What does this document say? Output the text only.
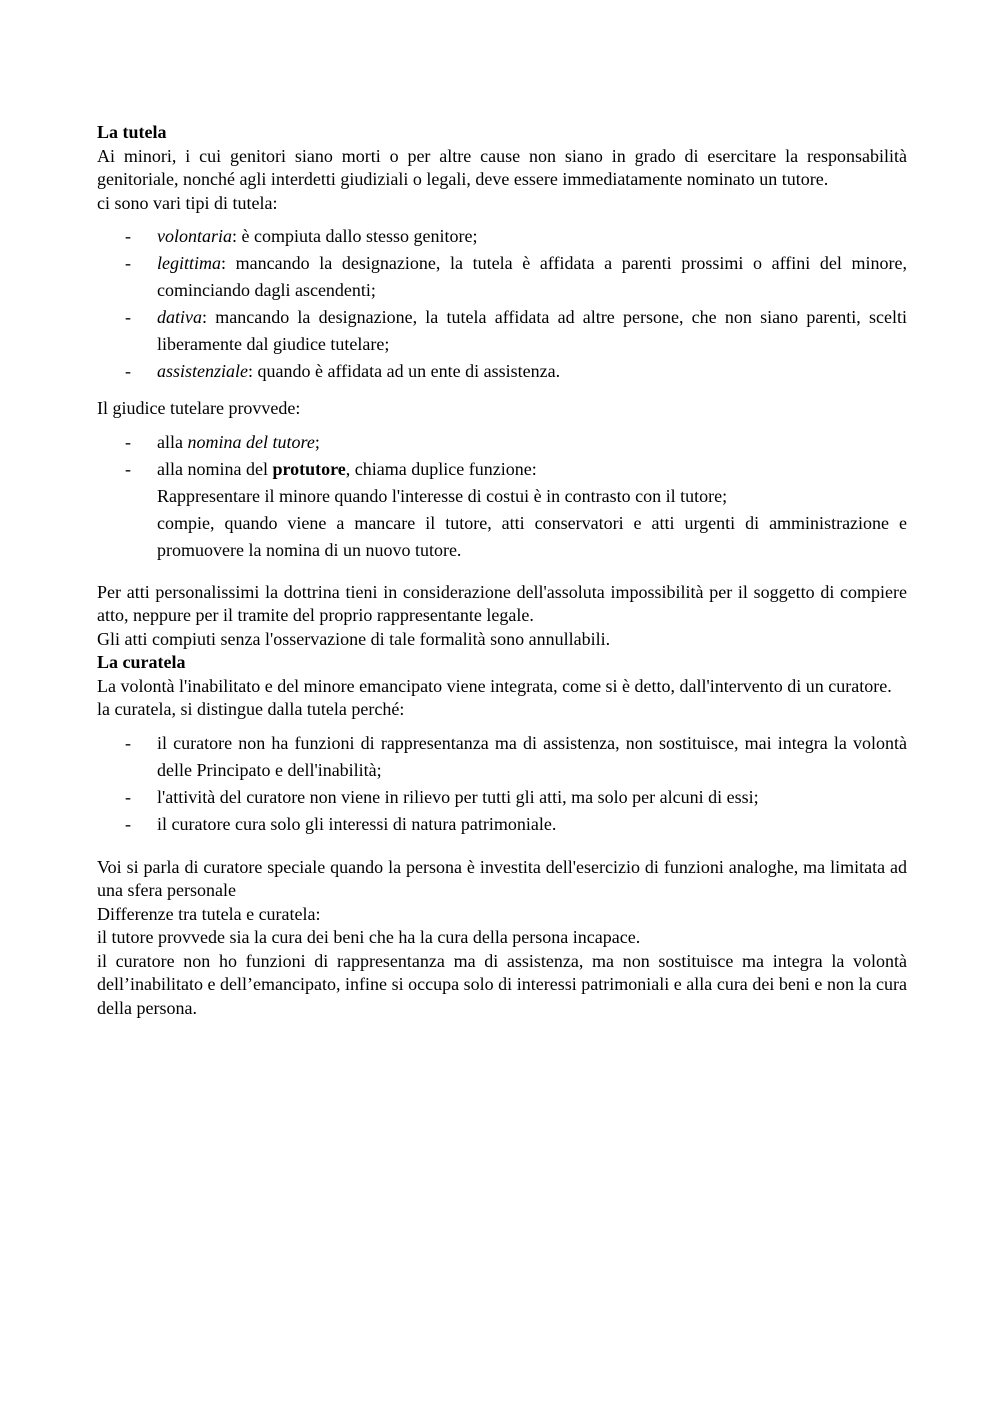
La tutela

Ai minori, i cui genitori siano morti o per altre cause non siano in grado di esercitare la responsabilità genitoriale, nonché agli interdetti giudiziali o legali, deve essere immediatamente nominato un tutore.

ci sono vari tipi di tutela:

- volontaria: è compiuta dallo stesso genitore;
- legittima: mancando la designazione, la tutela è affidata a parenti prossimi o affini del minore, cominciando dagli ascendenti;
- dativa: mancando la designazione, la tutela affidata ad altre persone, che non siano parenti, scelti liberamente dal giudice tutelare;
- assistenziale: quando è affidata ad un ente di assistenza.

Il giudice tutelare provvede:

- alla nomina del tutore;
- alla nomina del protutore, chiama duplice funzione:
Rappresentare il minore quando l'interesse di costui è in contrasto con il tutore;
compie, quando viene a mancare il tutore, atti conservatori e atti urgenti di amministrazione e promuovere la nomina di un nuovo tutore.

Per atti personalissimi la dottrina tieni in considerazione dell'assoluta impossibilità per il soggetto di compiere atto, neppure per il tramite del proprio rappresentante legale.

Gli atti compiuti senza l'osservazione di tale formalità sono annullabili.

La curatela

La volontà l'inabilitato e del minore emancipato viene integrata, come si è detto, dall'intervento di un curatore.

la curatela, si distingue dalla tutela perché:

- il curatore non ha funzioni di rappresentanza ma di assistenza, non sostituisce, mai integra la volontà delle Principato e dell'inabilità;
- l'attività del curatore non viene in rilievo per tutti gli atti, ma solo per alcuni di essi;
- il curatore cura solo gli interessi di natura patrimoniale.

Voi si parla di curatore speciale quando la persona è investita dell'esercizio di funzioni analoghe, ma limitata ad una sfera personale

Differenze tra tutela e curatela:

il tutore provvede sia la cura dei beni che ha la cura della persona incapace.

il curatore non ho funzioni di rappresentanza ma di assistenza, ma non sostituisce ma integra la volontà dell’inabilitato e dell’emancipato, infine si occupa solo di interessi patrimoniali e alla cura dei beni e non la cura della persona.
